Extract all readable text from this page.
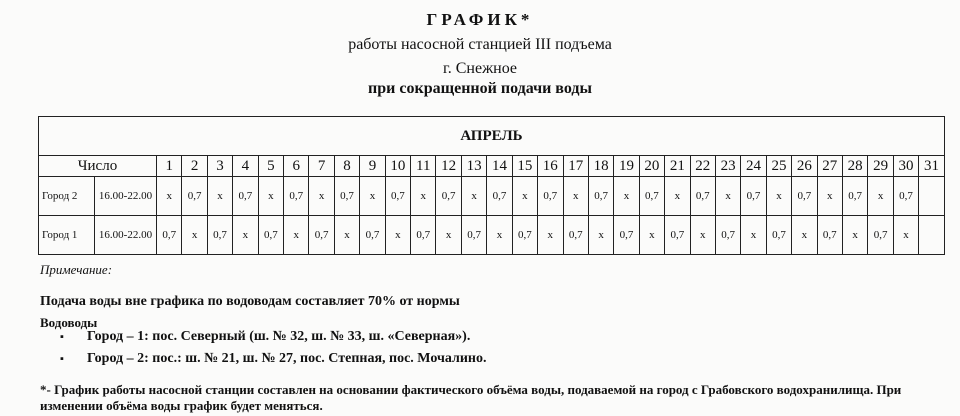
ГРАФИК*
работы насосной станцией III подъема
г. Снежное
при сокращенной подачи воды
АПРЕЛЬ																																
Число		1	2	3	4	5	6	7	8	9	10	11	12	13	14	15	16	17	18	19	20	21	22	23	24	25	26	27	28	29	30	31
Город 2	16.00-22.00	x	0,7	x	0,7	x	0,7	x	0,7	x	0,7	x	0,7	x	0,7	x	0,7	x	0,7	x	0,7	x	0,7	x	0,7	x	0,7	x	0,7	x	0,7	
Город 1	16.00-22.00	0,7	x	0,7	x	0,7	x	0,7	x	0,7	x	0,7	x	0,7	x	0,7	x	0,7	x	0,7	x	0,7	x	0,7	x	0,7	x	0,7	x	0,7	x	
Примечание:
Подача воды вне графика по водоводам составляет 70% от нормы
Водоводы
▪ Город – 1: пос. Северный (ш. № 32, ш. № 33, ш. «Северная»).
▪ Город – 2: пос.: ш. № 21, ш. № 27, пос. Степная, пос. Мочалино.
*- График работы насосной станции составлен на основании фактического объёма воды, подаваемой на город с Грабовского водохранилища. При изменении объёма воды график будет меняться.
